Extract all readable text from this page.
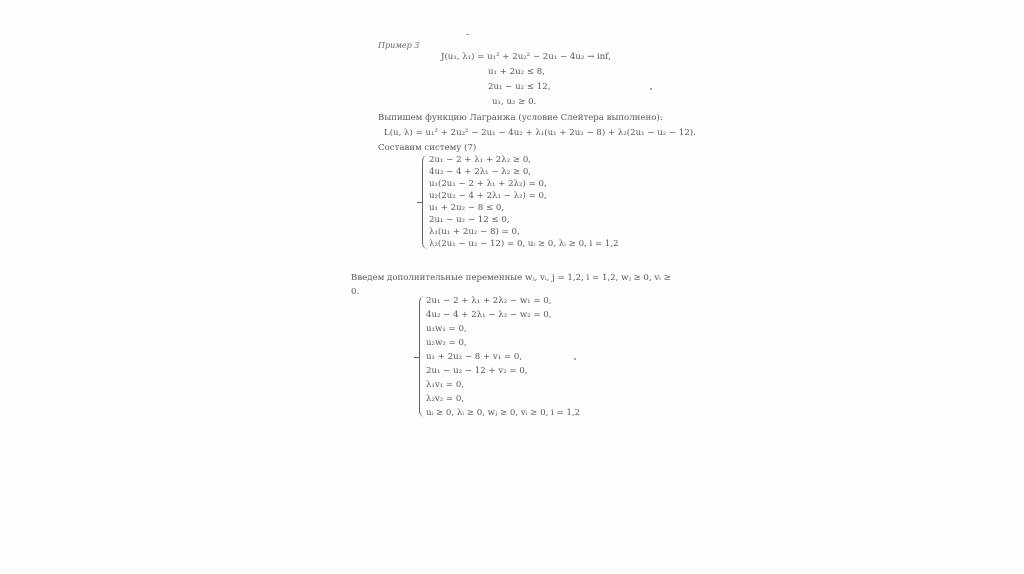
Пример 3
J(u₁, λ₁) = u₁² + 2u₂² − 2u₁ − 4u₂ → inf,
u₁ + 2u₂ ≤ 8,
2u₁ − u₂ ≤ 12,
u₁, u₂ ≥ 0.
Выпишем функцию Лагранжа (условие Слейтера выполнено):
L(u, λ) = u₁² + 2u₂² − 2u₁ − 4u₂ + λ₁(u₁ + 2u₂ − 8) + λ₂(2u₁ − u₂ − 12).
Составим систему (7)
2u₁ − 2 + λ₁ + 2λ₂ ≥ 0,
4u₂ − 4 + 2λ₁ − λ₂ ≥ 0,
u₁(2u₁ − 2 + λ₁ + 2λ₂) = 0,
u₂(2u₂ − 4 + 2λ₁ − λ₂) = 0,
u₁ + 2u₂ − 8 ≤ 0,
2u₁ − u₂ − 12 ≤ 0,
λ₁(u₁ + 2u₂ − 8) = 0,
λ₂(2u₁ − u₂ − 12) = 0, uᵢ ≥ 0, λᵢ ≥ 0, i = 1,2
Введем дополнительные переменные wⱼ, vᵢ, j = 1,2, i = 1,2, wⱼ ≥ 0, vᵢ ≥
0.
2u₁ − 2 + λ₁ + 2λ₂ − w₁ = 0,
4u₂ − 4 + 2λ₁ − λ₂ − w₂ = 0,
u₁w₁ = 0,
u₂w₂ = 0,
u₁ + 2u₂ − 8 + v₁ = 0,
2u₁ − u₂ − 12 + v₂ = 0,
λ₁v₁ = 0,
λ₂v₂ = 0,
uᵢ ≥ 0, λᵢ ≥ 0, wⱼ ≥ 0, vᵢ ≥ 0, i = 1,2
